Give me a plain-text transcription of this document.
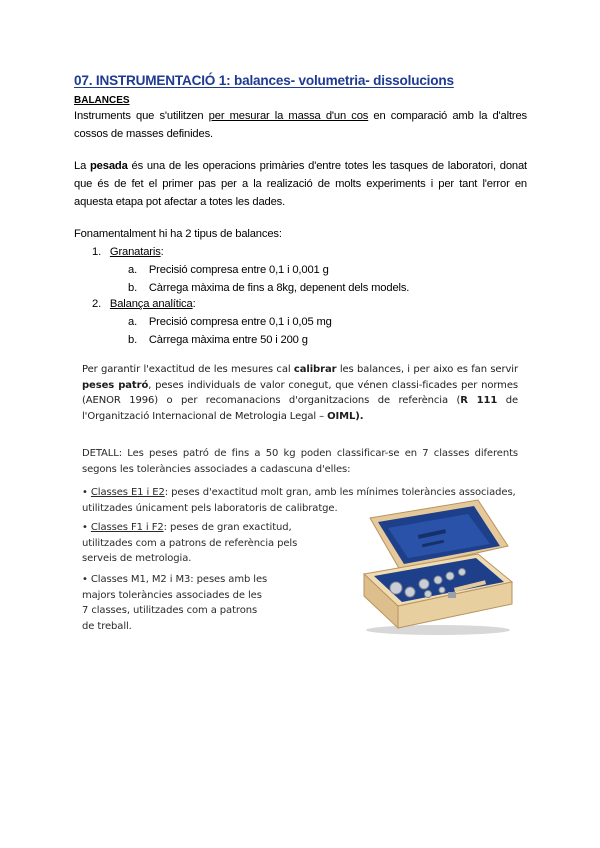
07. INSTRUMENTACIÓ 1: balances- volumetria- dissolucions
BALANCES
Instruments que s'utilitzen per mesurar la massa d'un cos en comparació amb la d'altres cossos de masses definides.
La pesada és una de les operacions primàries d'entre totes les tasques de laboratori, donat que és de fet el primer pas per a la realizació de molts experiments i per tant l'error en aquesta etapa pot afectar a totes les dades.
Fonamentalment hi ha 2 tipus de balances:
1. Granataris:
a. Precisió compresa entre 0,1 i 0,001 g
b. Càrrega màxima de fins a 8kg, depenent dels models.
2. Balança analítica:
a. Precisió compresa entre 0,1 i 0,05 mg
b. Càrrega màxima entre 50 i 200 g
Per garantir l'exactitud de les mesures cal calibrar les balances, i per aixo es fan servir peses patró, peses individuals de valor conegut, que vénen classi-ficades per normes (AENOR 1996) o per recomanacions d'organitzacions de referència (R 111 de l'Organització Internacional de Metrologia Legal – OIML).
DETALL: Les peses patró de fins a 50 kg poden classificar-se en 7 classes diferents segons les toleràncies associades a cadascuna d'elles:
• Classes E1 i E2: peses d'exactitud molt gran, amb les mínimes toleràncies associades,
utilitzades únicament pels laboratoris de calibratge.
• Classes F1 i F2: peses de gran exactitud,
utilitzades com a patrons de referència pels
serveis de metrologia.
• Classes M1, M2 i M3: peses amb les
majors toleràncies associades de les
7 classes, utilitzades com a patrons
de treball.
